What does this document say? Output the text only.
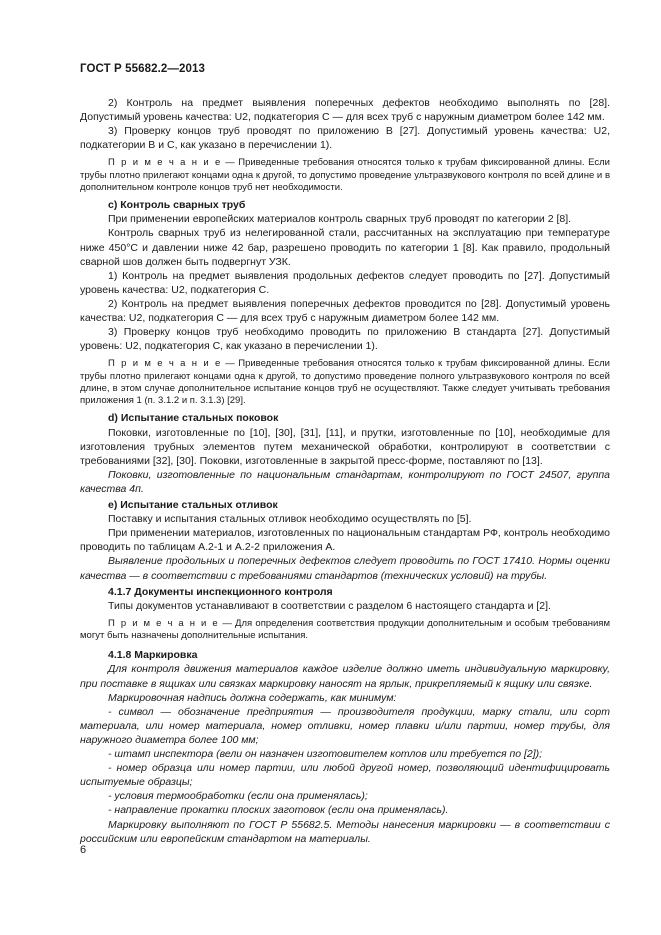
ГОСТ Р 55682.2—2013

2) Контроль на предмет выявления поперечных дефектов необходимо выполнять по [28]. Допустимый уровень качества: U2, подкатегория С — для всех труб с наружным диаметром более 142 мм.

3) Проверку концов труб проводят по приложению В [27]. Допустимый уровень качества: U2, подкатегории В и С, как указано в перечислении 1).

П р и м е ч а н и е — Приведенные требования относятся только к трубам фиксированной длины. Если трубы плотно прилегают концами одна к другой, то допустимо проведение ультразвукового контроля по всей длине и в дополнительном контроле концов труб нет необходимости.

с) Контроль сварных труб

При применении европейских материалов контроль сварных труб проводят по категории 2 [8].

Контроль сварных труб из нелегированной стали, рассчитанных на эксплуатацию при температуре ниже 450°С и давлении ниже 42 бар, разрешено проводить по категории 1 [8]. Как правило, продольный сварной шов должен быть подвергнут УЗК.

1) Контроль на предмет выявления продольных дефектов следует проводить по [27]. Допустимый уровень качества: U2, подкатегория С.

2) Контроль на предмет выявления поперечных дефектов проводится по [28]. Допустимый уровень качества: U2, подкатегория С — для всех труб с наружным диаметром более 142 мм.

3) Проверку концов труб необходимо проводить по приложению В стандарта [27]. Допустимый уровень: U2, подкатегория С, как указано в перечислении 1).

П р и м е ч а н и е — Приведенные требования относятся только к трубам фиксированной длины. Если трубы плотно прилегают концами одна к другой, то допустимо проведение полного ультразвукового контроля по всей длине, в этом случае дополнительное испытание концов труб не осуществляют. Также следует учитывать требования приложения 1 (п. 3.1.2 и п. 3.1.3) [29].

d) Испытание стальных поковок

Поковки, изготовленные по [10], [30], [31], [11], и прутки, изготовленные по [10], необходимые для изготовления трубных элементов путем механической обработки, контролируют в соответствии с требованиями [32], [30]. Поковки, изготовленные в закрытой пресс-форме, поставляют по [13].

Поковки, изготовленные по национальным стандартам, контролируют по ГОСТ 24507, группа качества 4п.

е) Испытание стальных отливок

Поставку и испытания стальных отливок необходимо осуществлять по [5].

При применении материалов, изготовленных по национальным стандартам РФ, контроль необходимо проводить по таблицам А.2-1 и А.2-2 приложения А.

Выявление продольных и поперечных дефектов следует проводить по ГОСТ 17410. Нормы оценки качества — в соответствии с требованиями стандартов (технических условий) на трубы.

4.1.7 Документы инспекционного контроля

Типы документов устанавливают в соответствии с разделом 6 настоящего стандарта и [2].

П р и м е ч а н и е — Для определения соответствия продукции дополнительным и особым требованиям могут быть назначены дополнительные испытания.

4.1.8 Маркировка

Для контроля движения материалов каждое изделие должно иметь индивидуальную маркировку, при поставке в ящиках или связках маркировку наносят на ярлык, прикрепляемый к ящику или связке.

Маркировочная надпись должна содержать, как минимум:

- символ — обозначение предприятия — производителя продукции, марку стали, или сорт материала, или номер материала, номер отливки, номер плавки и/или партии, номер трубы, для наружного диаметра более 100 мм;

- штамп инспектора (вели он назначен изготовителем котлов или требуется по [2]);

- номер образца или номер партии, или любой другой номер, позволяющий идентифицировать испытуемые образцы;

- условия термообработки (если она применялась);

- направление прокатки плоских заготовок (если она применялась).

Маркировку выполняют по ГОСТ Р 55682.5. Методы нанесения маркировки — в соответствии с российским или европейским стандартом на материалы.

6
